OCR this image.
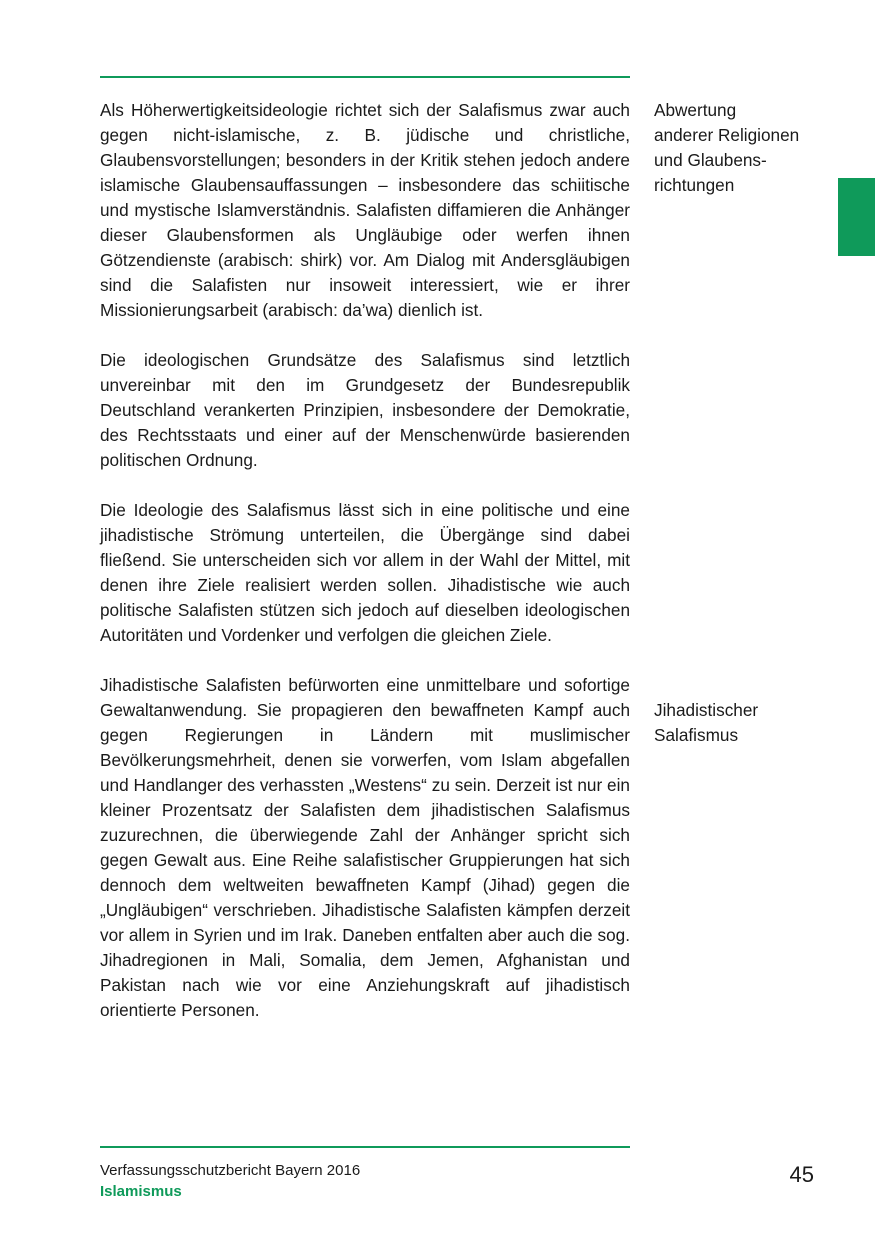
Als Höherwertigkeitsideologie richtet sich der Salafismus zwar auch gegen nicht-islamische, z. B. jüdische und christliche, Glaubensvorstellungen; besonders in der Kritik stehen jedoch andere islamische Glaubensauffassungen – insbesondere das schiitische und mystische Islamverständnis. Salafisten diffamieren die Anhänger dieser Glaubensformen als Ungläubige oder werfen ihnen Götzendienste (arabisch: shirk) vor. Am Dialog mit Andersgläubigen sind die Salafisten nur insoweit interessiert, wie er ihrer Missionierungsarbeit (arabisch: da’wa) dienlich ist.

Die ideologischen Grundsätze des Salafismus sind letztlich unvereinbar mit den im Grundgesetz der Bundesrepublik Deutschland verankerten Prinzipien, insbesondere der Demokratie, des Rechtsstaats und einer auf der Menschenwürde basierenden politischen Ordnung.

Die Ideologie des Salafismus lässt sich in eine politische und eine jihadistische Strömung unterteilen, die Übergänge sind dabei fließend. Sie unterscheiden sich vor allem in der Wahl der Mittel, mit denen ihre Ziele realisiert werden sollen. Jihadistische wie auch politische Salafisten stützen sich jedoch auf dieselben ideologischen Autoritäten und Vordenker und verfolgen die gleichen Ziele.

Jihadistische Salafisten befürworten eine unmittelbare und sofortige Gewaltanwendung. Sie propagieren den bewaffneten Kampf auch gegen Regierungen in Ländern mit muslimischer Bevölkerungsmehrheit, denen sie vorwerfen, vom Islam abgefallen und Handlanger des verhassten „Westens“ zu sein. Derzeit ist nur ein kleiner Prozentsatz der Salafisten dem jihadistischen Salafismus zuzurechnen, die überwiegende Zahl der Anhänger spricht sich gegen Gewalt aus. Eine Reihe salafistischer Gruppierungen hat sich dennoch dem weltweiten bewaffneten Kampf (Jihad) gegen die „Ungläubigen“ verschrieben. Jihadistische Salafisten kämpfen derzeit vor allem in Syrien und im Irak. Daneben entfalten aber auch die sog. Jihadregionen in Mali, Somalia, dem Jemen, Afghanistan und Pakistan nach wie vor eine Anziehungskraft auf jihadistisch orientierte Personen.

Abwertung
anderer Religionen
und Glaubens-
richtungen
Jihadistischer
Salafismus
Verfassungsschutzbericht Bayern 2016
Islamismus
45
